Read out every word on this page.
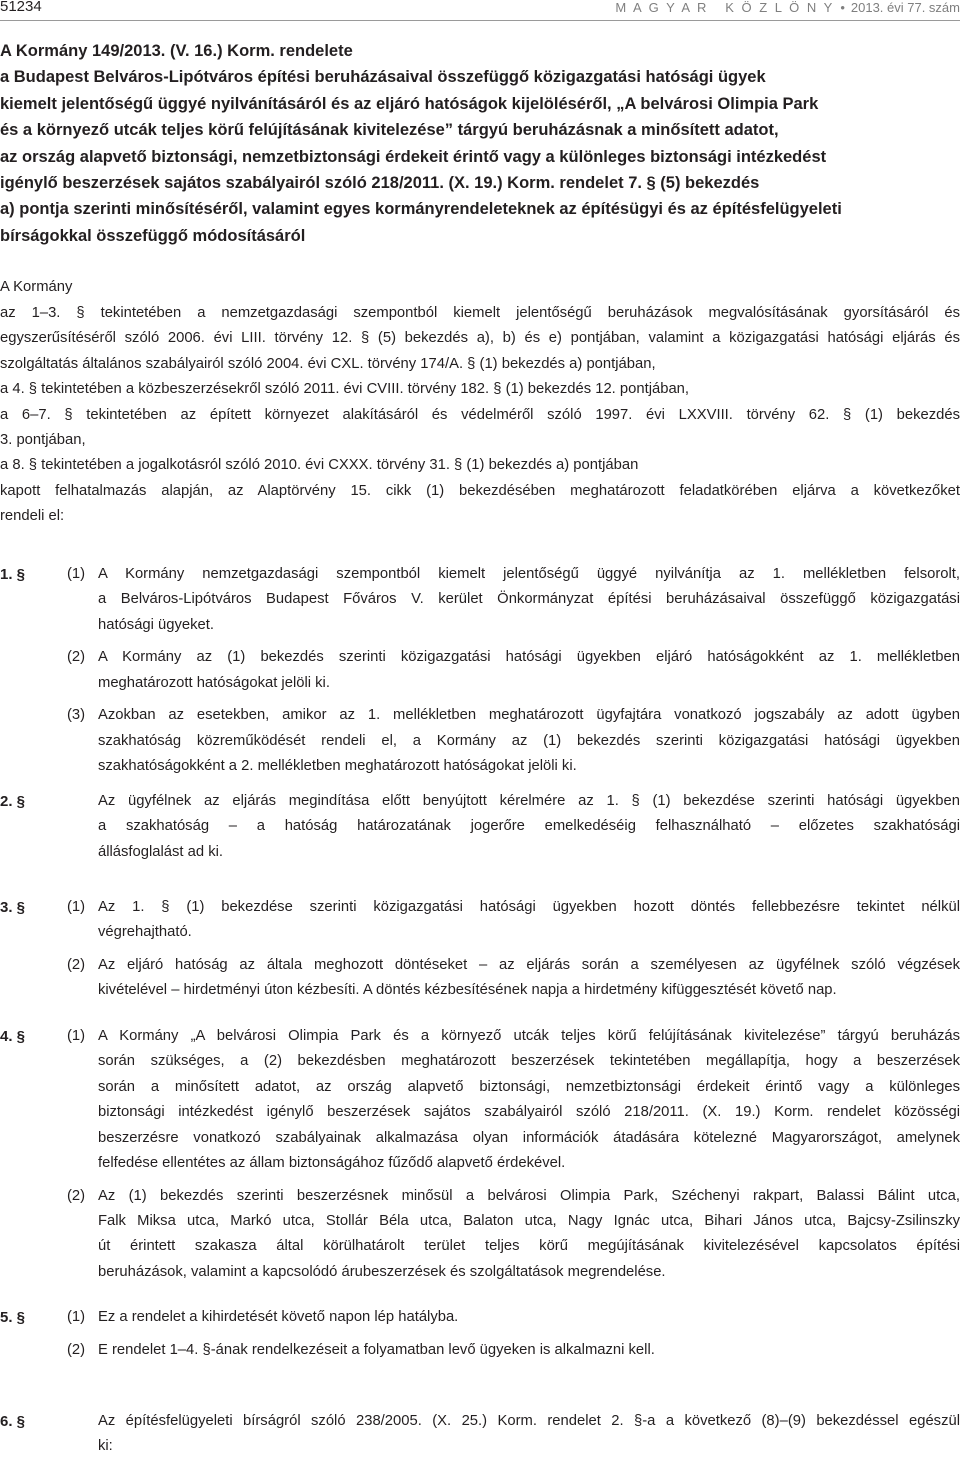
51234	M A G Y A R   K Ö Z L Ö N Y • 2013. évi 77. szám
A Kormány 149/2013. (V. 16.) Korm. rendelete
a Budapest Belváros-Lipótváros építési beruházásaival összefüggő közigazgatási hatósági ügyek
kiemelt jelentőségű üggyé nyilvánításáról és az eljáró hatóságok kijelöléséről, „A belvárosi Olimpia Park
és a környező utcák teljes körű felújításának kivitelezése” tárgyú beruházásnak a minősített adatot,
az ország alapvető biztonsági, nemzetbiztonsági érdekeit érintő vagy a különleges biztonsági intézkedést
igénylő beszerzések sajátos szabályairól szóló 218/2011. (X. 19.) Korm. rendelet 7. § (5) bekezdés
a) pontja szerinti minősítéséről, valamint egyes kormányrendeleteknek az építésügyi és az építésfelügyeleti
bírságokkal összefüggő módosításáról
A Kormány
az 1–3. § tekintetében a nemzetgazdasági szempontból kiemelt jelentőségű beruházások megvalósításának gyorsításáról és
egyszerűsítéséről szóló 2006. évi LIII. törvény 12. § (5) bekezdés a), b) és e) pontjában, valamint a közigazgatási hatósági eljárás és
szolgáltatás általános szabályairól szóló 2004. évi CXL. törvény 174/A. § (1) bekezdés a) pontjában,
a 4. § tekintetében a közbeszerzésekről szóló 2011. évi CVIII. törvény 182. § (1) bekezdés 12. pontjában,
a 6–7. § tekintetében az épített környezet alakításáról és védelméről szóló 1997. évi LXXVIII. törvény 62. § (1) bekezdés
3. pontjában,
a 8. § tekintetében a jogalkotásról szóló 2010. évi CXXX. törvény 31. § (1) bekezdés a) pontjában
kapott felhatalmazás alapján, az Alaptörvény 15. cikk (1) bekezdésében meghatározott feladatkörében eljárva a következőket
rendeli el:
1. §	(1) A Kormány nemzetgazdasági szempontból kiemelt jelentőségű üggyé nyilvánítja az 1. mellékletben felsorolt,
a Belváros-Lipótváros Budapest Főváros V. kerület Önkormányzat építési beruházásaival összefüggő közigazgatási
hatósági ügyeket.
(2) A Kormány az (1) bekezdés szerinti közigazgatási hatósági ügyekben eljáró hatóságokként az 1. mellékletben
meghatározott hatóságokat jelöli ki.
(3) Azokban az esetekben, amikor az 1. mellékletben meghatározott ügyfajtára vonatkozó jogszabály az adott ügyben
szakhatóság közreműködését rendeli el, a Kormány az (1) bekezdés szerinti közigazgatási hatósági ügyekben
szakhatóságokként a 2. mellékletben meghatározott hatóságokat jelöli ki.
2. §	Az ügyfélnek az eljárás megindítása előtt benyújtott kérelmére az 1. § (1) bekezdése szerinti hatósági ügyekben
a szakhatóság – a hatóság határozatának jogerőre emelkedéséig felhasználható – előzetes szakhatósági
állásfoglalást ad ki.
3. §	(1) Az 1. § (1) bekezdése szerinti közigazgatási hatósági ügyekben hozott döntés fellebbezésre tekintet nélkül
végrehajtható.
(2) Az eljáró hatóság az általa meghozott döntéseket – az eljárás során a személyesen az ügyfélnek szóló végzések
kivételével – hirdetményi úton kézbesíti. A döntés kézbesítésének napja a hirdetmény kifüggesztését követő nap.
4. §	(1) A Kormány „A belvárosi Olimpia Park és a környező utcák teljes körű felújításának kivitelezése” tárgyú beruházás
során szükséges, a (2) bekezdésben meghatározott beszerzések tekintetében megállapítja, hogy a beszerzések
során a minősített adatot, az ország alapvető biztonsági, nemzetbiztonsági érdekeit érintő vagy a különleges
biztonsági intézkedést igénylő beszerzések sajátos szabályairól szóló 218/2011. (X. 19.) Korm. rendelet közösségi
beszerzésre vonatkozó szabályainak alkalmazása olyan információk átadására kötelezné Magyarországot, amelynek
felfedése ellentétes az állam biztonságához fűződő alapvető érdekével.
(2) Az (1) bekezdés szerinti beszerzésnek minősül a belvárosi Olimpia Park, Széchenyi rakpart, Balassi Bálint utca,
Falk Miksa utca, Markó utca, Stollár Béla utca, Balaton utca, Nagy Ignác utca, Bihari János utca, Bajcsy-Zsilinszky
út érintett szakasza által körülhatárolt terület teljes körű megújításának kivitelezésével kapcsolatos építési
beruházások, valamint a kapcsolódó árubeszerzések és szolgáltatások megrendelése.
5. §	(1) Ez a rendelet a kihirdetését követő napon lép hatályba.
(2) E rendelet 1–4. §-ának rendelkezéseit a folyamatban levő ügyeken is alkalmazni kell.
6. §	Az építésfelügyeleti bírságról szóló 238/2005. (X. 25.) Korm. rendelet 2. §-a a következő (8)–(9) bekezdéssel egészül
ki:
